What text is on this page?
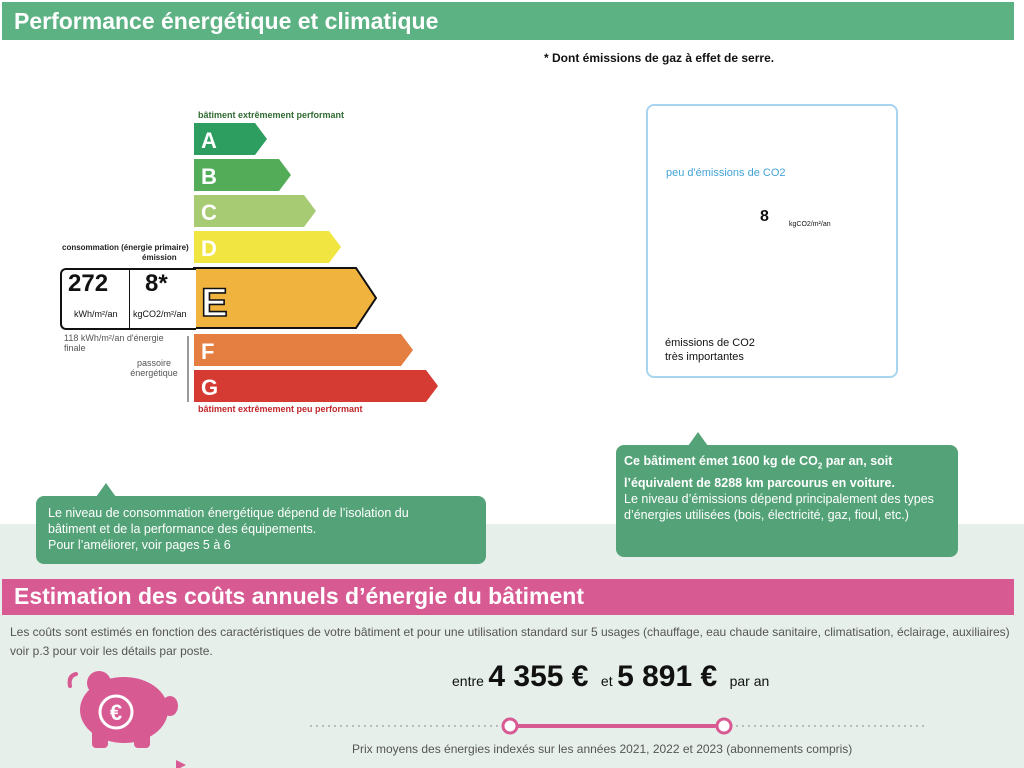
Performance énergétique et climatique
* Dont émissions de gaz à effet de serre.
bâtiment extrêmement performant
A
B
C
D
E
F
G
bâtiment extrêmement peu performant
consommation (énergie primaire)
émission
272 8*
kWh/m²/an kgCO2/m²/an
118 kWh/m²/an d'énergie finale
passoire énergétique
peu d'émissions de CO2
8	kgCO2/m²/an
émissions de CO2 très importantes
Le niveau de consommation énergétique dépend de l’isolation du
bâtiment et de la performance des équipements.
Pour l’améliorer, voir pages 5 à 6
Ce bâtiment émet 1600 kg de $CO_2$ par an, soit
l’équivalent de 8288 km parcourus en voiture.
Le niveau d’émissions dépend principalement des types d’énergies utilisées (bois, électricité, gaz, fioul, etc.)
Estimation des coûts annuels d’énergie du bâtiment
Les coûts sont estimés en fonction des caractéristiques de votre bâtiment et pour une utilisation standard sur 5 usages (chauffage, eau chaude sanitaire, climatisation, éclairage, auxiliaires) voir p.3 pour voir les détails par poste.
€
entre 4 355 € et 5 891 € par an
Prix moyens des énergies indexés sur les années 2021, 2022 et 2023 (abonnements compris)
